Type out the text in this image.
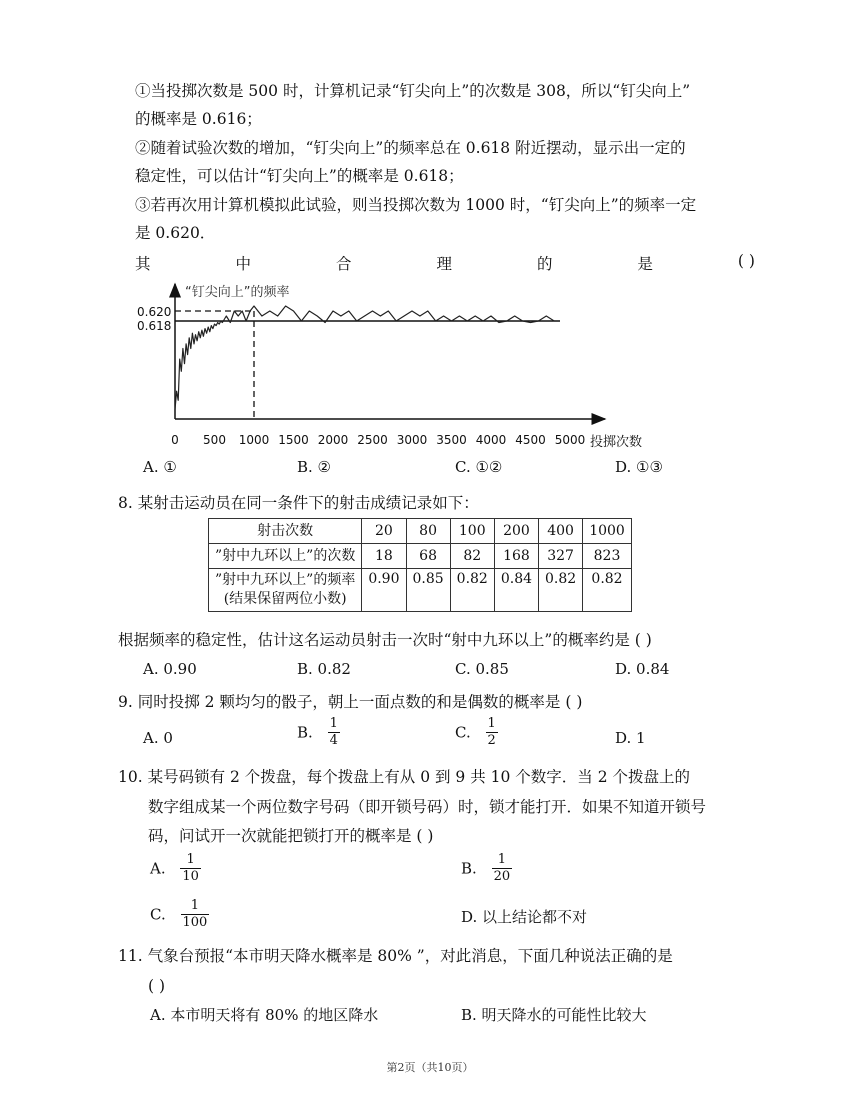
①当投掷次数是 500 时，计算机记录“钉尖向上”的次数是 308，所以“钉尖向上”
的概率是 0.616；
②随着试验次数的增加，“钉尖向上”的频率总在 0.618 附近摆动，显示出一定的
稳定性，可以估计“钉尖向上”的概率是 0.618；
③若再次用计算机模拟此试验，则当投掷次数为 1000 时，“钉尖向上”的频率一定
是 0.620．
其	中	合	理	的	是	( )
“钉尖向上”的频率
投掷次数
0.620
0.618
0 500 1000 1500 2000 2500 3000 3500 4000 4500 5000
A. ①	B. ②	C. ①②	D. ①③
8. 某射击运动员在同一条件下的射击成绩记录如下：
射击次数	20	80	100	200	400	1000
”射中九环以上”的次数	18	68	82	168	327	823
”射中九环以上”的频率
(结果保留两位小数)	0.90	0.85	0.82	0.84	0.82	0.82
根据频率的稳定性，估计这名运动员射击一次时“射中九环以上”的概率约是 ( )
A. 0.90	B. 0.82	C. 0.85	D. 0.84
9. 同时投掷 2 颗均匀的骰子，朝上一面点数的和是偶数的概率是 ( )
A. 0	B. $\frac{1}{4}$	C. $\frac{1}{2}$	D. 1
10. 某号码锁有 2 个拨盘，每个拨盘上有从 0 到 9 共 10 个数字．当 2 个拨盘上的
数字组成某一个两位数字号码（即开锁号码）时，锁才能打开．如果不知道开锁号
码，问试开一次就能把锁打开的概率是 ( )
A. $\frac{1}{10}$	B. $\frac{1}{20}$
C. $\frac{1}{100}$	D. 以上结论都不对
11. 气象台预报“本市明天降水概率是 80% ”，对此消息，下面几种说法正确的是
( )
A. 本市明天将有 80% 的地区降水	B. 明天降水的可能性比较大
第2页（共10页）
